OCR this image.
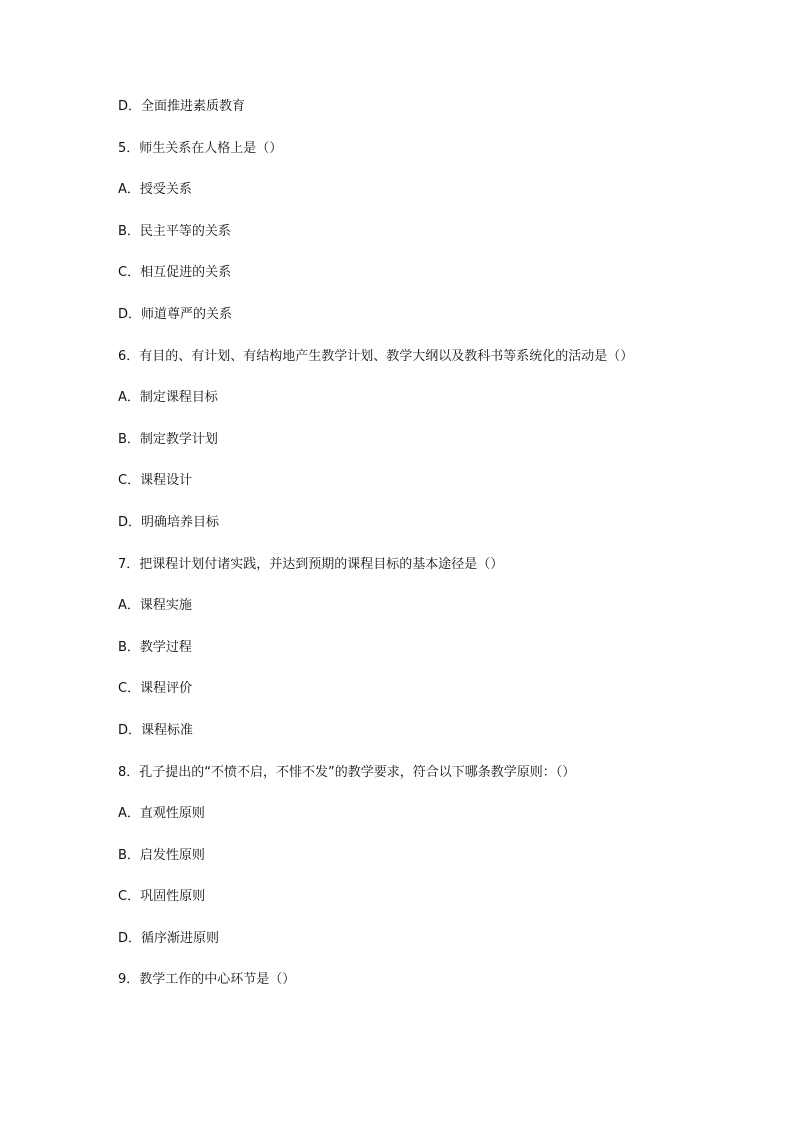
D．全面推进素质教育
5．师生关系在人格上是（）
A．授受关系
B．民主平等的关系
C．相互促进的关系
D．师道尊严的关系
6．有目的、有计划、有结构地产生教学计划、教学大纲以及教科书等系统化的活动是（）
A．制定课程目标
B．制定教学计划
C．课程设计
D．明确培养目标
7．把课程计划付诸实践，并达到预期的课程目标的基本途径是（）
A．课程实施
B．教学过程
C．课程评价
D．课程标准
8．孔子提出的“不愤不启，不悱不发”的教学要求，符合以下哪条教学原则：（）
A．直观性原则
B．启发性原则
C．巩固性原则
D．循序渐进原则
9．教学工作的中心环节是（）
